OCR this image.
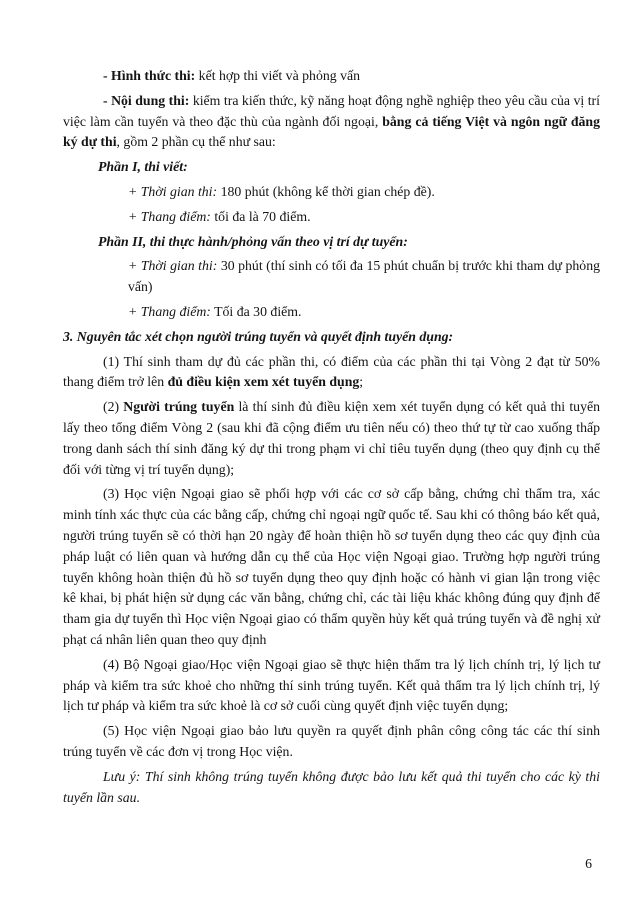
- Hình thức thi: kết hợp thi viết và phỏng vấn

- Nội dung thi: kiểm tra kiến thức, kỹ năng hoạt động nghề nghiệp theo yêu cầu của vị trí việc làm cần tuyển và theo đặc thù của ngành đối ngoại, bằng cả tiếng Việt và ngôn ngữ đăng ký dự thi, gồm 2 phần cụ thể như sau:

Phần I, thi viết:

+ Thời gian thi: 180 phút (không kể thời gian chép đề).

+ Thang điểm: tối đa là 70 điểm.

Phần II, thi thực hành/phỏng vấn theo vị trí dự tuyển:

+ Thời gian thi: 30 phút (thí sinh có tối đa 15 phút chuẩn bị trước khi tham dự phỏng vấn)

+ Thang điểm: Tối đa 30 điểm.

3. Nguyên tắc xét chọn người trúng tuyển và quyết định tuyển dụng:

(1) Thí sinh tham dự đủ các phần thi, có điểm của các phần thi tại Vòng 2 đạt từ 50% thang điểm trở lên đủ điều kiện xem xét tuyển dụng;

(2) Người trúng tuyển là thí sinh đủ điều kiện xem xét tuyển dụng có kết quả thi tuyển lấy theo tổng điểm Vòng 2 (sau khi đã cộng điểm ưu tiên nếu có) theo thứ tự từ cao xuống thấp trong danh sách thí sinh đăng ký dự thi trong phạm vi chỉ tiêu tuyển dụng (theo quy định cụ thể đối với từng vị trí tuyển dụng);

(3) Học viện Ngoại giao sẽ phối hợp với các cơ sở cấp bằng, chứng chỉ thẩm tra, xác minh tính xác thực của các bằng cấp, chứng chỉ ngoại ngữ quốc tế. Sau khi có thông báo kết quả, người trúng tuyển sẽ có thời hạn 20 ngày để hoàn thiện hồ sơ tuyển dụng theo các quy định của pháp luật có liên quan và hướng dẫn cụ thể của Học viện Ngoại giao. Trường hợp người trúng tuyển không hoàn thiện đủ hồ sơ tuyển dụng theo quy định hoặc có hành vi gian lận trong việc kê khai, bị phát hiện sử dụng các văn bằng, chứng chỉ, các tài liệu khác không đúng quy định để tham gia dự tuyển thì Học viện Ngoại giao có thẩm quyền hủy kết quả trúng tuyển và đề nghị xử phạt cá nhân liên quan theo quy định

(4) Bộ Ngoại giao/Học viện Ngoại giao sẽ thực hiện thẩm tra lý lịch chính trị, lý lịch tư pháp và kiểm tra sức khoẻ cho những thí sinh trúng tuyển. Kết quả thẩm tra lý lịch chính trị, lý lịch tư pháp và kiểm tra sức khoẻ là cơ sở cuối cùng quyết định việc tuyển dụng;

(5) Học viện Ngoại giao bảo lưu quyền ra quyết định phân công công tác các thí sinh trúng tuyển về các đơn vị trong Học viện.

Lưu ý: Thí sinh không trúng tuyển không được bảo lưu kết quả thi tuyển cho các kỳ thi tuyển lần sau.

6
